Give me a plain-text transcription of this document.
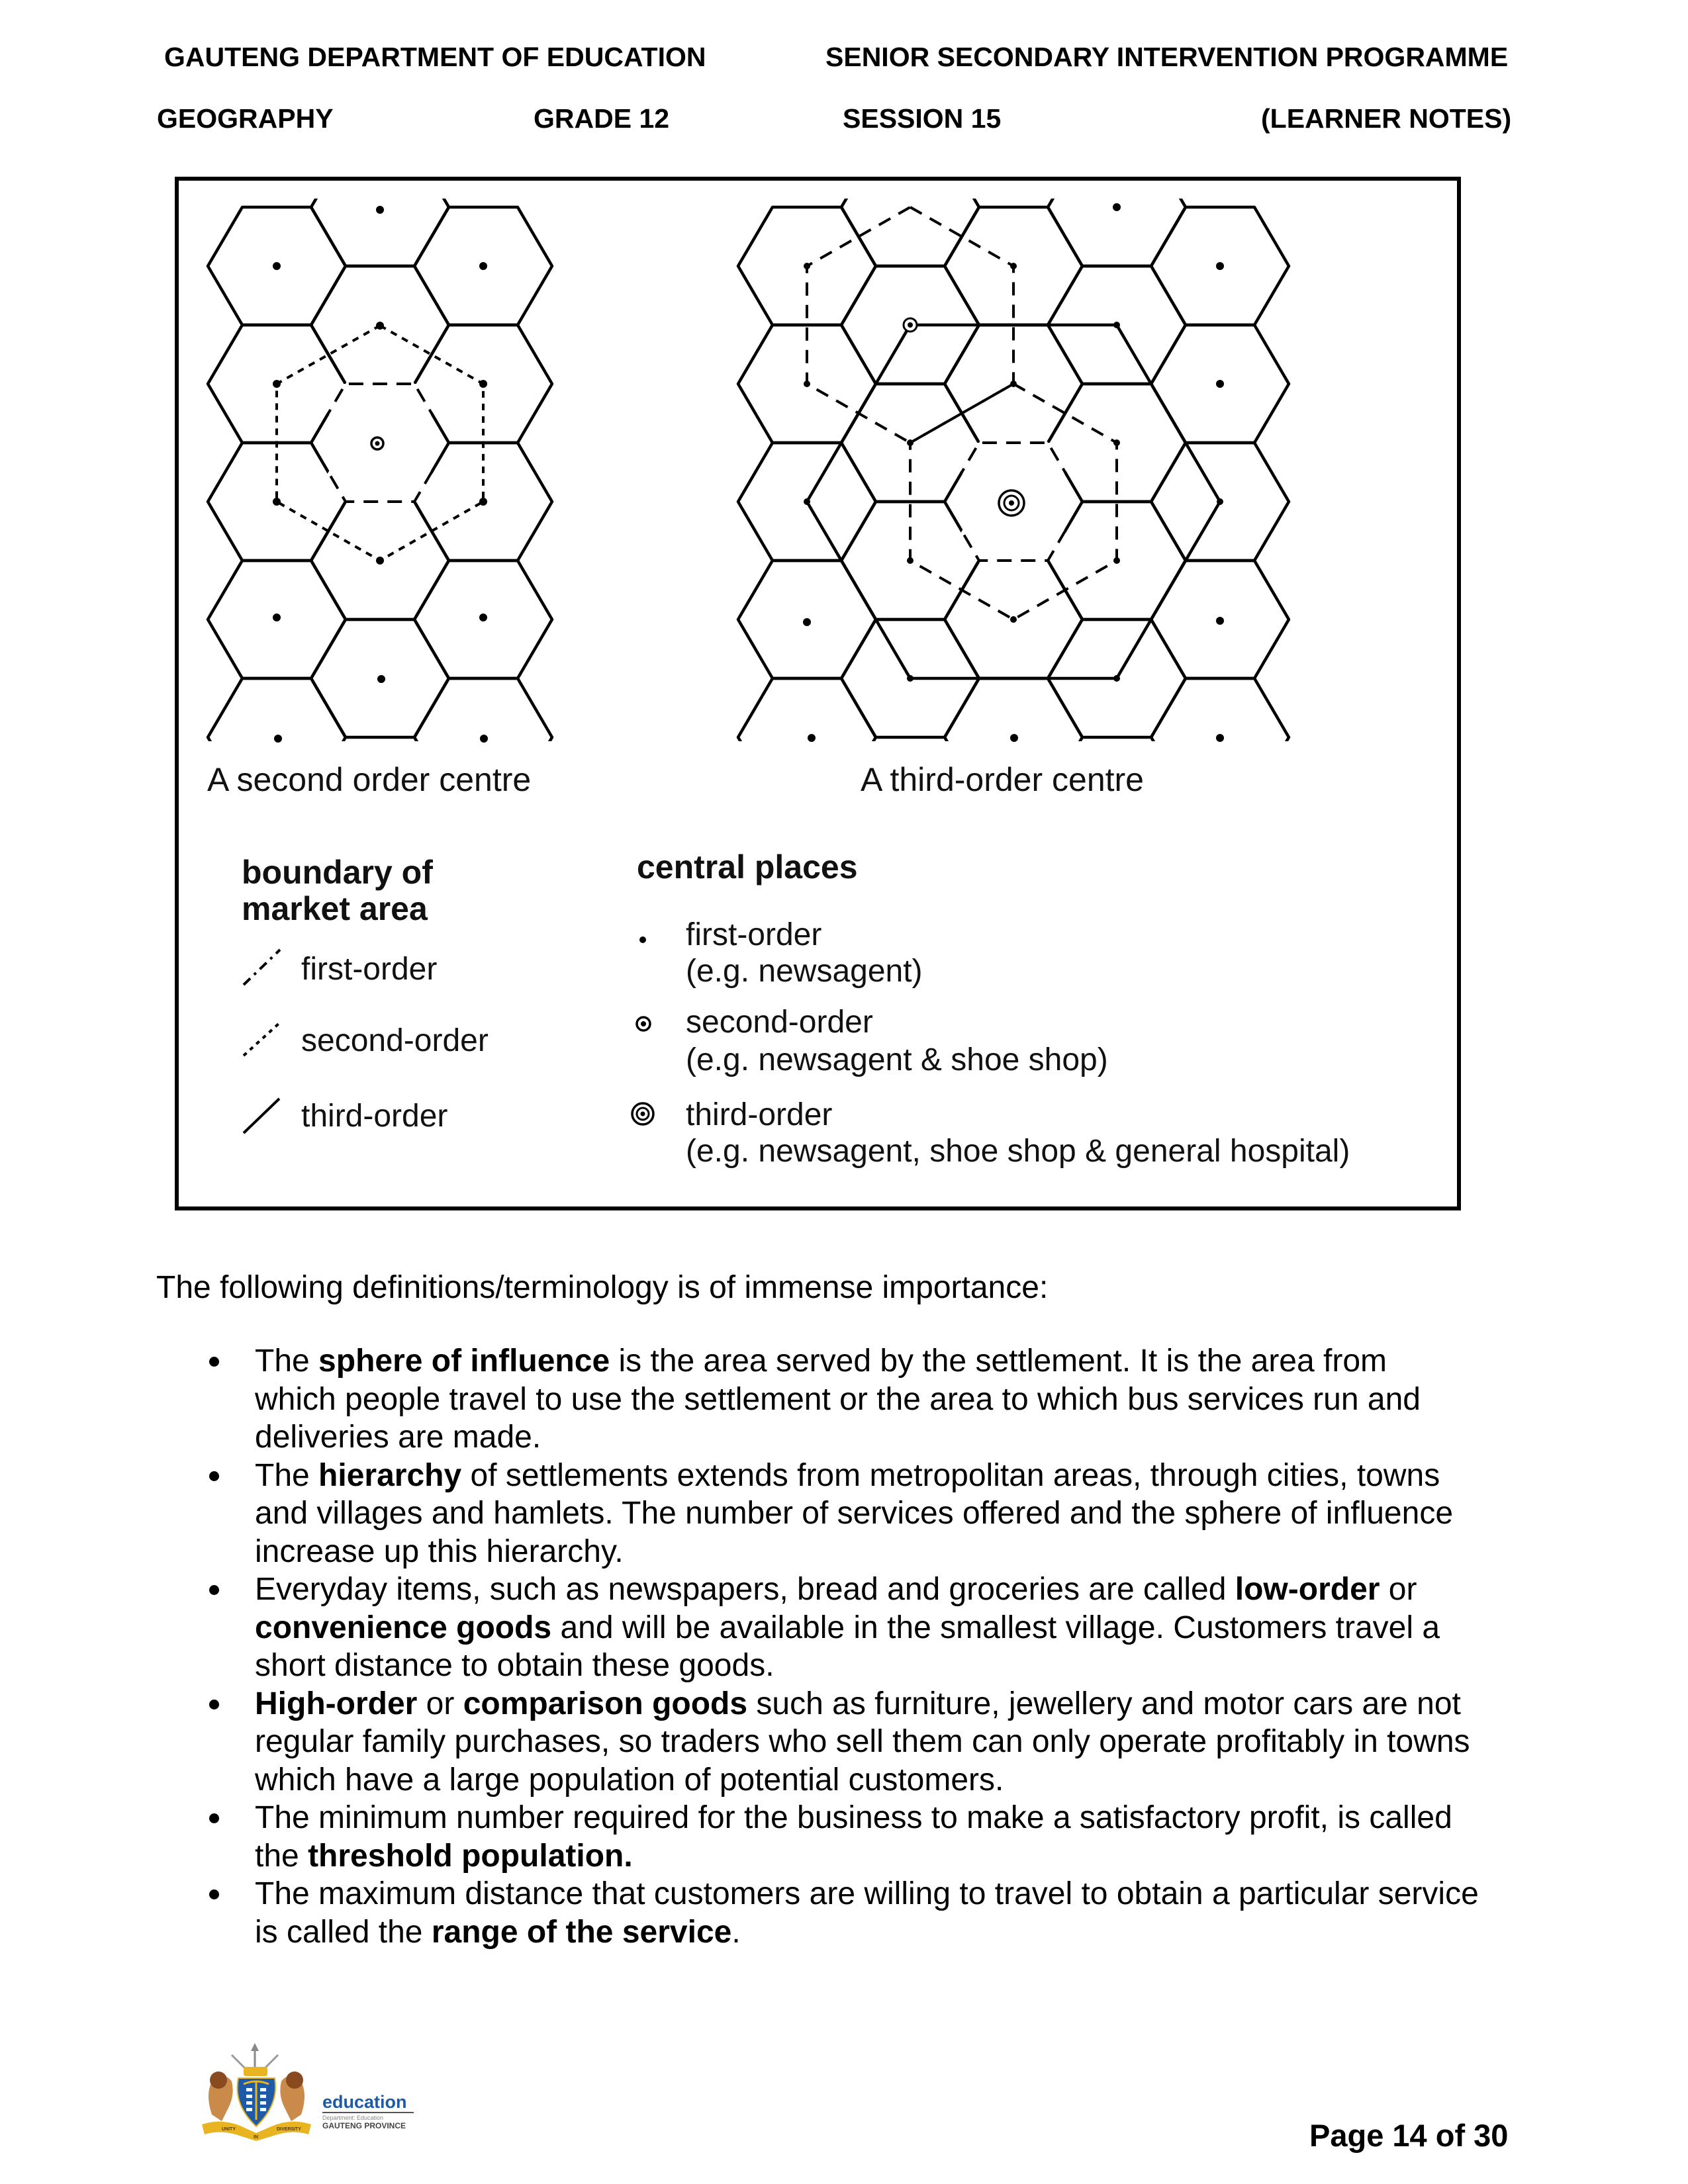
GAUTENG DEPARTMENT OF EDUCATION	SENIOR SECONDARY INTERVENTION PROGRAMME
GEOGRAPHY	GRADE 12	SESSION 15	(LEARNER NOTES)
A second order centre	A third-order centre
boundary of
market area
first-order
second-order
third-order
central places
first-order
(e.g. newsagent)
second-order
(e.g. newsagent & shoe shop)
third-order
(e.g. newsagent, shoe shop & general hospital)
The following definitions/terminology is of immense importance:
The sphere of influence is the area served by the settlement. It is the area from
which people travel to use the settlement or the area to which bus services run and
deliveries are made.
The hierarchy of settlements extends from metropolitan areas, through cities, towns
and villages and hamlets. The number of services offered and the sphere of influence
increase up this hierarchy.
Everyday items, such as newspapers, bread and groceries are called low-order or
convenience goods and will be available in the smallest village. Customers travel a
short distance to obtain these goods.
High-order or comparison goods such as furniture, jewellery and motor cars are not
regular family purchases, so traders who sell them can only operate profitably in towns
which have a large population of potential customers.
The minimum number required for the business to make a satisfactory profit, is called
the threshold population.
The maximum distance that customers are willing to travel to obtain a particular service
is called the range of the service.
UNITY
IN
DIVERSITY
education
Department: Education
GAUTENG PROVINCE	Page 14 of 30
